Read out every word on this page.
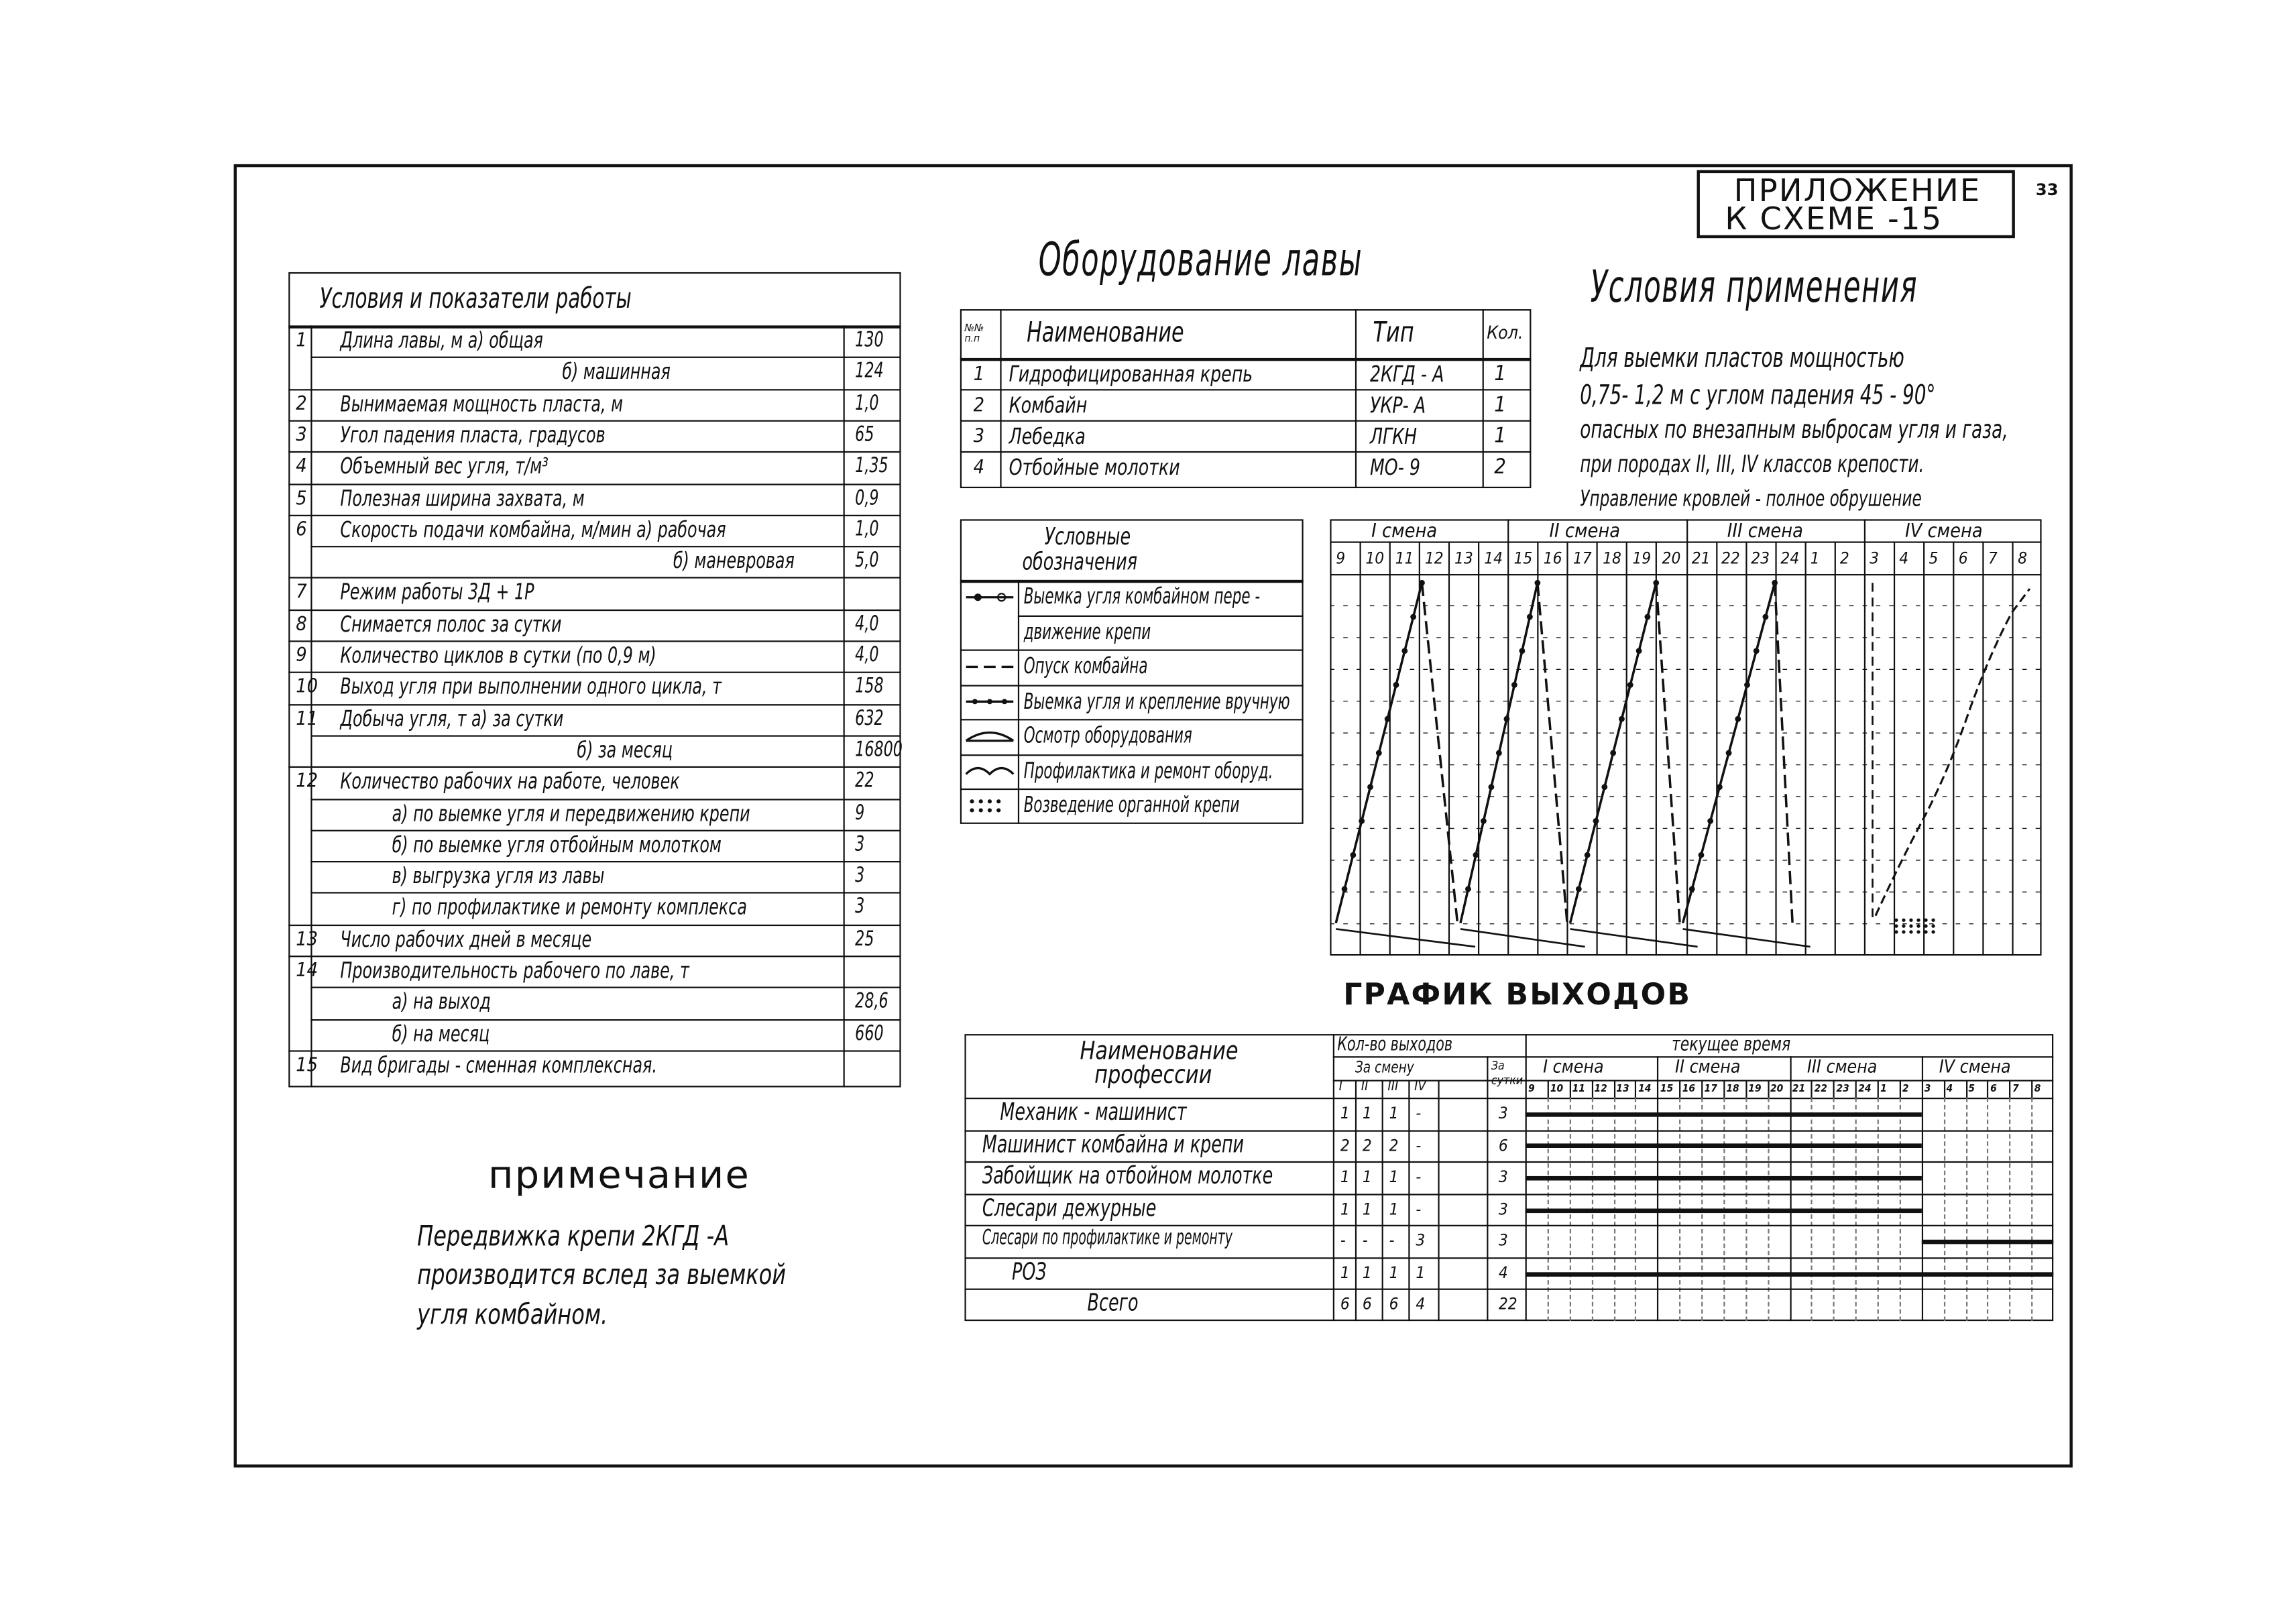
33
ПРИЛОЖЕНИЕ
К СХЕМЕ -15
Оборудование лавы
Условия применения
ГРАФИК ВЫХОДОВ
примечание
Условия и показатели работы
1	Длина лавы, м а) общая	130
б) машинная	124
2	Вынимаемая мощность пласта, м	1,0
3	Угол падения пласта, градусов	65
4	Объемный вес угля, т/м³	1,35
5	Полезная ширина захвата, м	0,9
6	Скорость подачи комбайна, м/мин а) рабочая	1,0
б) маневровая	5,0
7	Режим работы 3Д + 1Р
8	Снимается полос за сутки	4,0
9	Количество циклов в сутки (по 0,9 м)	4,0
10 Выход угля при выполнении одного цикла, т	158
11 Добыча угля, т а) за сутки	632
б) за месяц	16800
12 Количество рабочих на работе, человек	22
а) по выемке угля и передвижению крепи	9
б) по выемке угля отбойным молотком	3
в) выгрузка угля из лавы	3
г) по профилактике и ремонту комплекса	3
13 Число рабочих дней в месяце	25
14 Производительность рабочего по лаве, т
а) на выход	28,6
б) на месяц	660
15 Вид бригады - сменная комплексная.
№№ п.п	Наименование	Тип	Кол.
1 Гидрофицированная крепь	2КГД - А	1
2 Комбайн	УКР- А	1
3 Лебедка	ЛГКН	1
4 Отбойные молотки	МО- 9	2
Для выемки пластов мощностью
0,75- 1,2 м с углом падения 45 - 90°
опасных по внезапным выбросам угля и газа,
при породах II, III, IV классов крепости.
Управление кровлей - полное обрушение
Условные
обозначения
Выемка угля комбайном пере -
движение крепи
Опуск комбайна
Выемка угля и крепление вручную
Осмотр оборудования
Профилактика и ремонт оборуд.
Возведение органной крепи
I смена	II смена	III смена	IV смена
9	10 11 12 13 14 15 16 17 18 19 20 21 22 23 24 1	2	3	4	5	6	7	8
Наименование профессии
Кол-во выходов
За смену	За сутки
текущее время
I	II	III	IV
I смена	II смена	III смена	IV смена
9	10 11 12 13 14 15 16 17 18 19 20 21 22 23 24 1	2	3	4	5	6	7	8
Механик - машинист	1 1 1 -	3
Машинист комбайна и крепи	2 2 2 -	6
Забойщик на отбойном молотке	1 1 1 -	3
Слесари дежурные	1 1 1 -	3
Слесари по профилактике и ремонту	- -	-	3	3
РОЗ	1 1 1 1	4
Всего	6 6 6 4	22
Передвижка крепи 2КГД -А
производится вслед за выемкой
угля комбайном.
